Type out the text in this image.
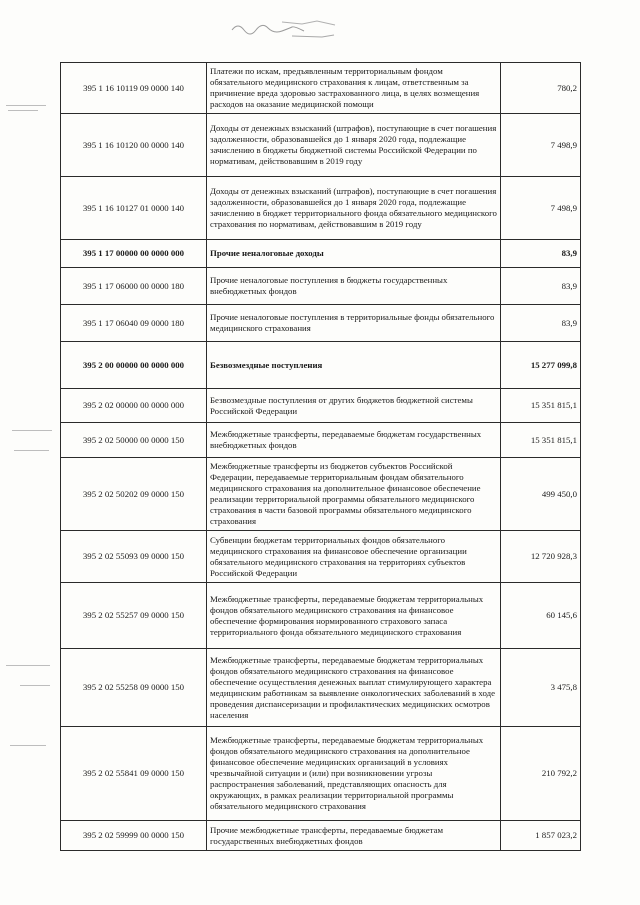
395 1 16 10119 09 0000 140	Платежи по искам, предъявленным территориальным фондом обязательного медицинского страхования к лицам, ответственным за причинение вреда здоровью застрахованного лица, в целях возмещения расходов на оказание медицинской помощи	780,2
395 1 16 10120 00 0000 140	Доходы от денежных взысканий (штрафов), поступающие в счет погашения задолженности, образовавшейся до 1 января 2020 года, подлежащие зачислению в бюджеты бюджетной системы Российской Федерации по нормативам, действовавшим в 2019 году	7 498,9
395 1 16 10127 01 0000 140	Доходы от денежных взысканий (штрафов), поступающие в счет погашения задолженности, образовавшейся до 1 января 2020 года, подлежащие зачислению в бюджет территориального фонда обязательного медицинского страхования по нормативам, действовавшим в 2019 году	7 498,9
395 1 17 00000 00 0000 000	Прочие неналоговые доходы	83,9
395 1 17 06000 00 0000 180	Прочие неналоговые поступления в бюджеты государственных внебюджетных фондов	83,9
395 1 17 06040 09 0000 180	Прочие неналоговые поступления в территориальные фонды обязательного медицинского страхования	83,9
395 2 00 00000 00 0000 000	Безвозмездные поступления	15 277 099,8
395 2 02 00000 00 0000 000	Безвозмездные поступления от других бюджетов бюджетной системы Российской Федерации	15 351 815,1
395 2 02 50000 00 0000 150	Межбюджетные трансферты, передаваемые бюджетам государственных внебюджетных фондов	15 351 815,1
395 2 02 50202 09 0000 150	Межбюджетные трансферты из бюджетов субъектов Российской Федерации, передаваемые территориальным фондам обязательного медицинского страхования на дополнительное финансовое обеспечение реализации территориальной программы обязательного медицинского страхования в части базовой программы обязательного медицинского страхования	499 450,0
395 2 02 55093 09 0000 150	Субвенции бюджетам территориальных фондов обязательного медицинского страхования на финансовое обеспечение организации обязательного медицинского страхования на территориях субъектов Российской Федерации	12 720 928,3
395 2 02 55257 09 0000 150	Межбюджетные трансферты, передаваемые бюджетам территориальных фондов обязательного медицинского страхования на финансовое обеспечение формирования нормированного страхового запаса территориального фонда обязательного медицинского страхования	60 145,6
395 2 02 55258 09 0000 150	Межбюджетные трансферты, передаваемые бюджетам территориальных фондов обязательного медицинского страхования на финансовое обеспечение осуществления денежных выплат стимулирующего характера медицинским работникам за выявление онкологических заболеваний в ходе проведения диспансеризации и профилактических медицинских осмотров населения	3 475,8
395 2 02 55841 09 0000 150	Межбюджетные трансферты, передаваемые бюджетам территориальных фондов обязательного медицинского страхования на дополнительное финансовое обеспечение медицинских организаций в условиях чрезвычайной ситуации и (или) при возникновении угрозы распространения заболеваний, представляющих опасность для окружающих, в рамках реализации территориальной программы обязательного медицинского страхования	210 792,2
395 2 02 59999 00 0000 150	Прочие межбюджетные трансферты, передаваемые бюджетам государственных внебюджетных фондов	1 857 023,2
